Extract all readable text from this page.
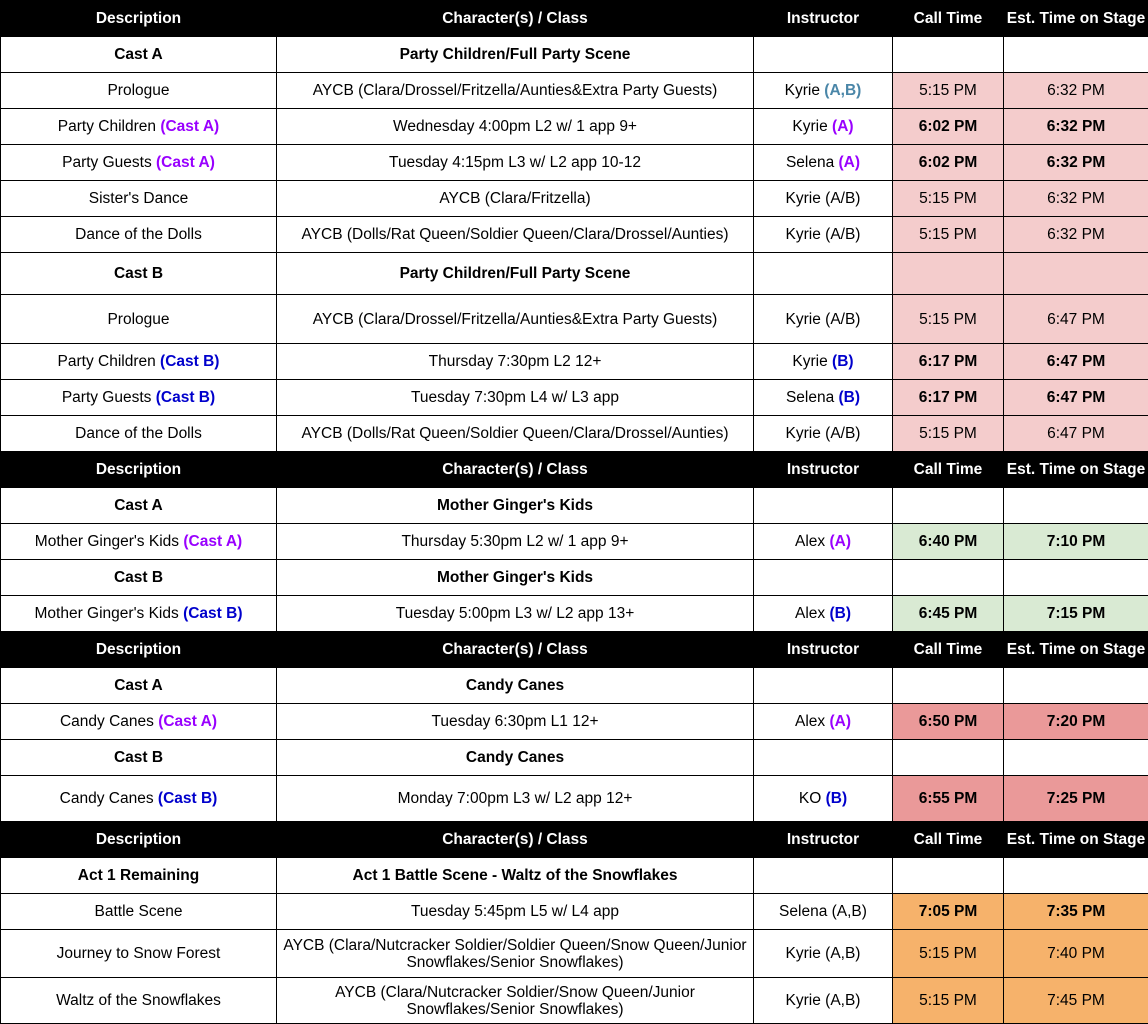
Description	Character(s) / Class	Instructor	Call Time	Est. Time on Stage
Cast A	Party Children/Full Party Scene			
Prologue	AYCB (Clara/Drossel/Fritzella/Aunties&Extra Party Guests)	Kyrie (A,B)	5:15 PM	6:32 PM
Party Children (Cast A)	Wednesday 4:00pm L2 w/ 1 app 9+	Kyrie (A)	6:02 PM	6:32 PM
Party Guests (Cast A)	Tuesday 4:15pm L3 w/ L2 app 10-12	Selena (A)	6:02 PM	6:32 PM
Sister's Dance	AYCB (Clara/Fritzella)	Kyrie (A/B)	5:15 PM	6:32 PM
Dance of the Dolls	AYCB (Dolls/Rat Queen/Soldier Queen/Clara/Drossel/Aunties)	Kyrie (A/B)	5:15 PM	6:32 PM
Cast B	Party Children/Full Party Scene			
Prologue	AYCB (Clara/Drossel/Fritzella/Aunties&Extra Party Guests)	Kyrie (A/B)	5:15 PM	6:47 PM
Party Children (Cast B)	Thursday 7:30pm L2 12+	Kyrie (B)	6:17 PM	6:47 PM
Party Guests (Cast B)	Tuesday 7:30pm L4 w/ L3 app	Selena (B)	6:17 PM	6:47 PM
Dance of the Dolls	AYCB (Dolls/Rat Queen/Soldier Queen/Clara/Drossel/Aunties)	Kyrie (A/B)	5:15 PM	6:47 PM
Description	Character(s) / Class	Instructor	Call Time	Est. Time on Stage
Cast A	Mother Ginger's Kids			
Mother Ginger's Kids (Cast A)	Thursday 5:30pm L2 w/ 1 app 9+	Alex (A)	6:40 PM	7:10 PM
Cast B	Mother Ginger's Kids			
Mother Ginger's Kids (Cast B)	Tuesday 5:00pm L3 w/ L2 app 13+	Alex (B)	6:45 PM	7:15 PM
Description	Character(s) / Class	Instructor	Call Time	Est. Time on Stage
Cast A	Candy Canes			
Candy Canes (Cast A)	Tuesday 6:30pm L1 12+	Alex (A)	6:50 PM	7:20 PM
Cast B	Candy Canes			
Candy Canes (Cast B)	Monday 7:00pm L3 w/ L2 app 12+	KO (B)	6:55 PM	7:25 PM
Description	Character(s) / Class	Instructor	Call Time	Est. Time on Stage
Act 1 Remaining	Act 1 Battle Scene - Waltz of the Snowflakes			
Battle Scene	Tuesday 5:45pm L5 w/ L4 app	Selena (A,B)	7:05 PM	7:35 PM
Journey to Snow Forest	AYCB (Clara/Nutcracker Soldier/Soldier Queen/Snow Queen/Junior Snowflakes/Senior Snowflakes)	Kyrie (A,B)	5:15 PM	7:40 PM
Waltz of the Snowflakes	AYCB (Clara/Nutcracker Soldier/Snow Queen/Junior Snowflakes/Senior Snowflakes)	Kyrie (A,B)	5:15 PM	7:45 PM
